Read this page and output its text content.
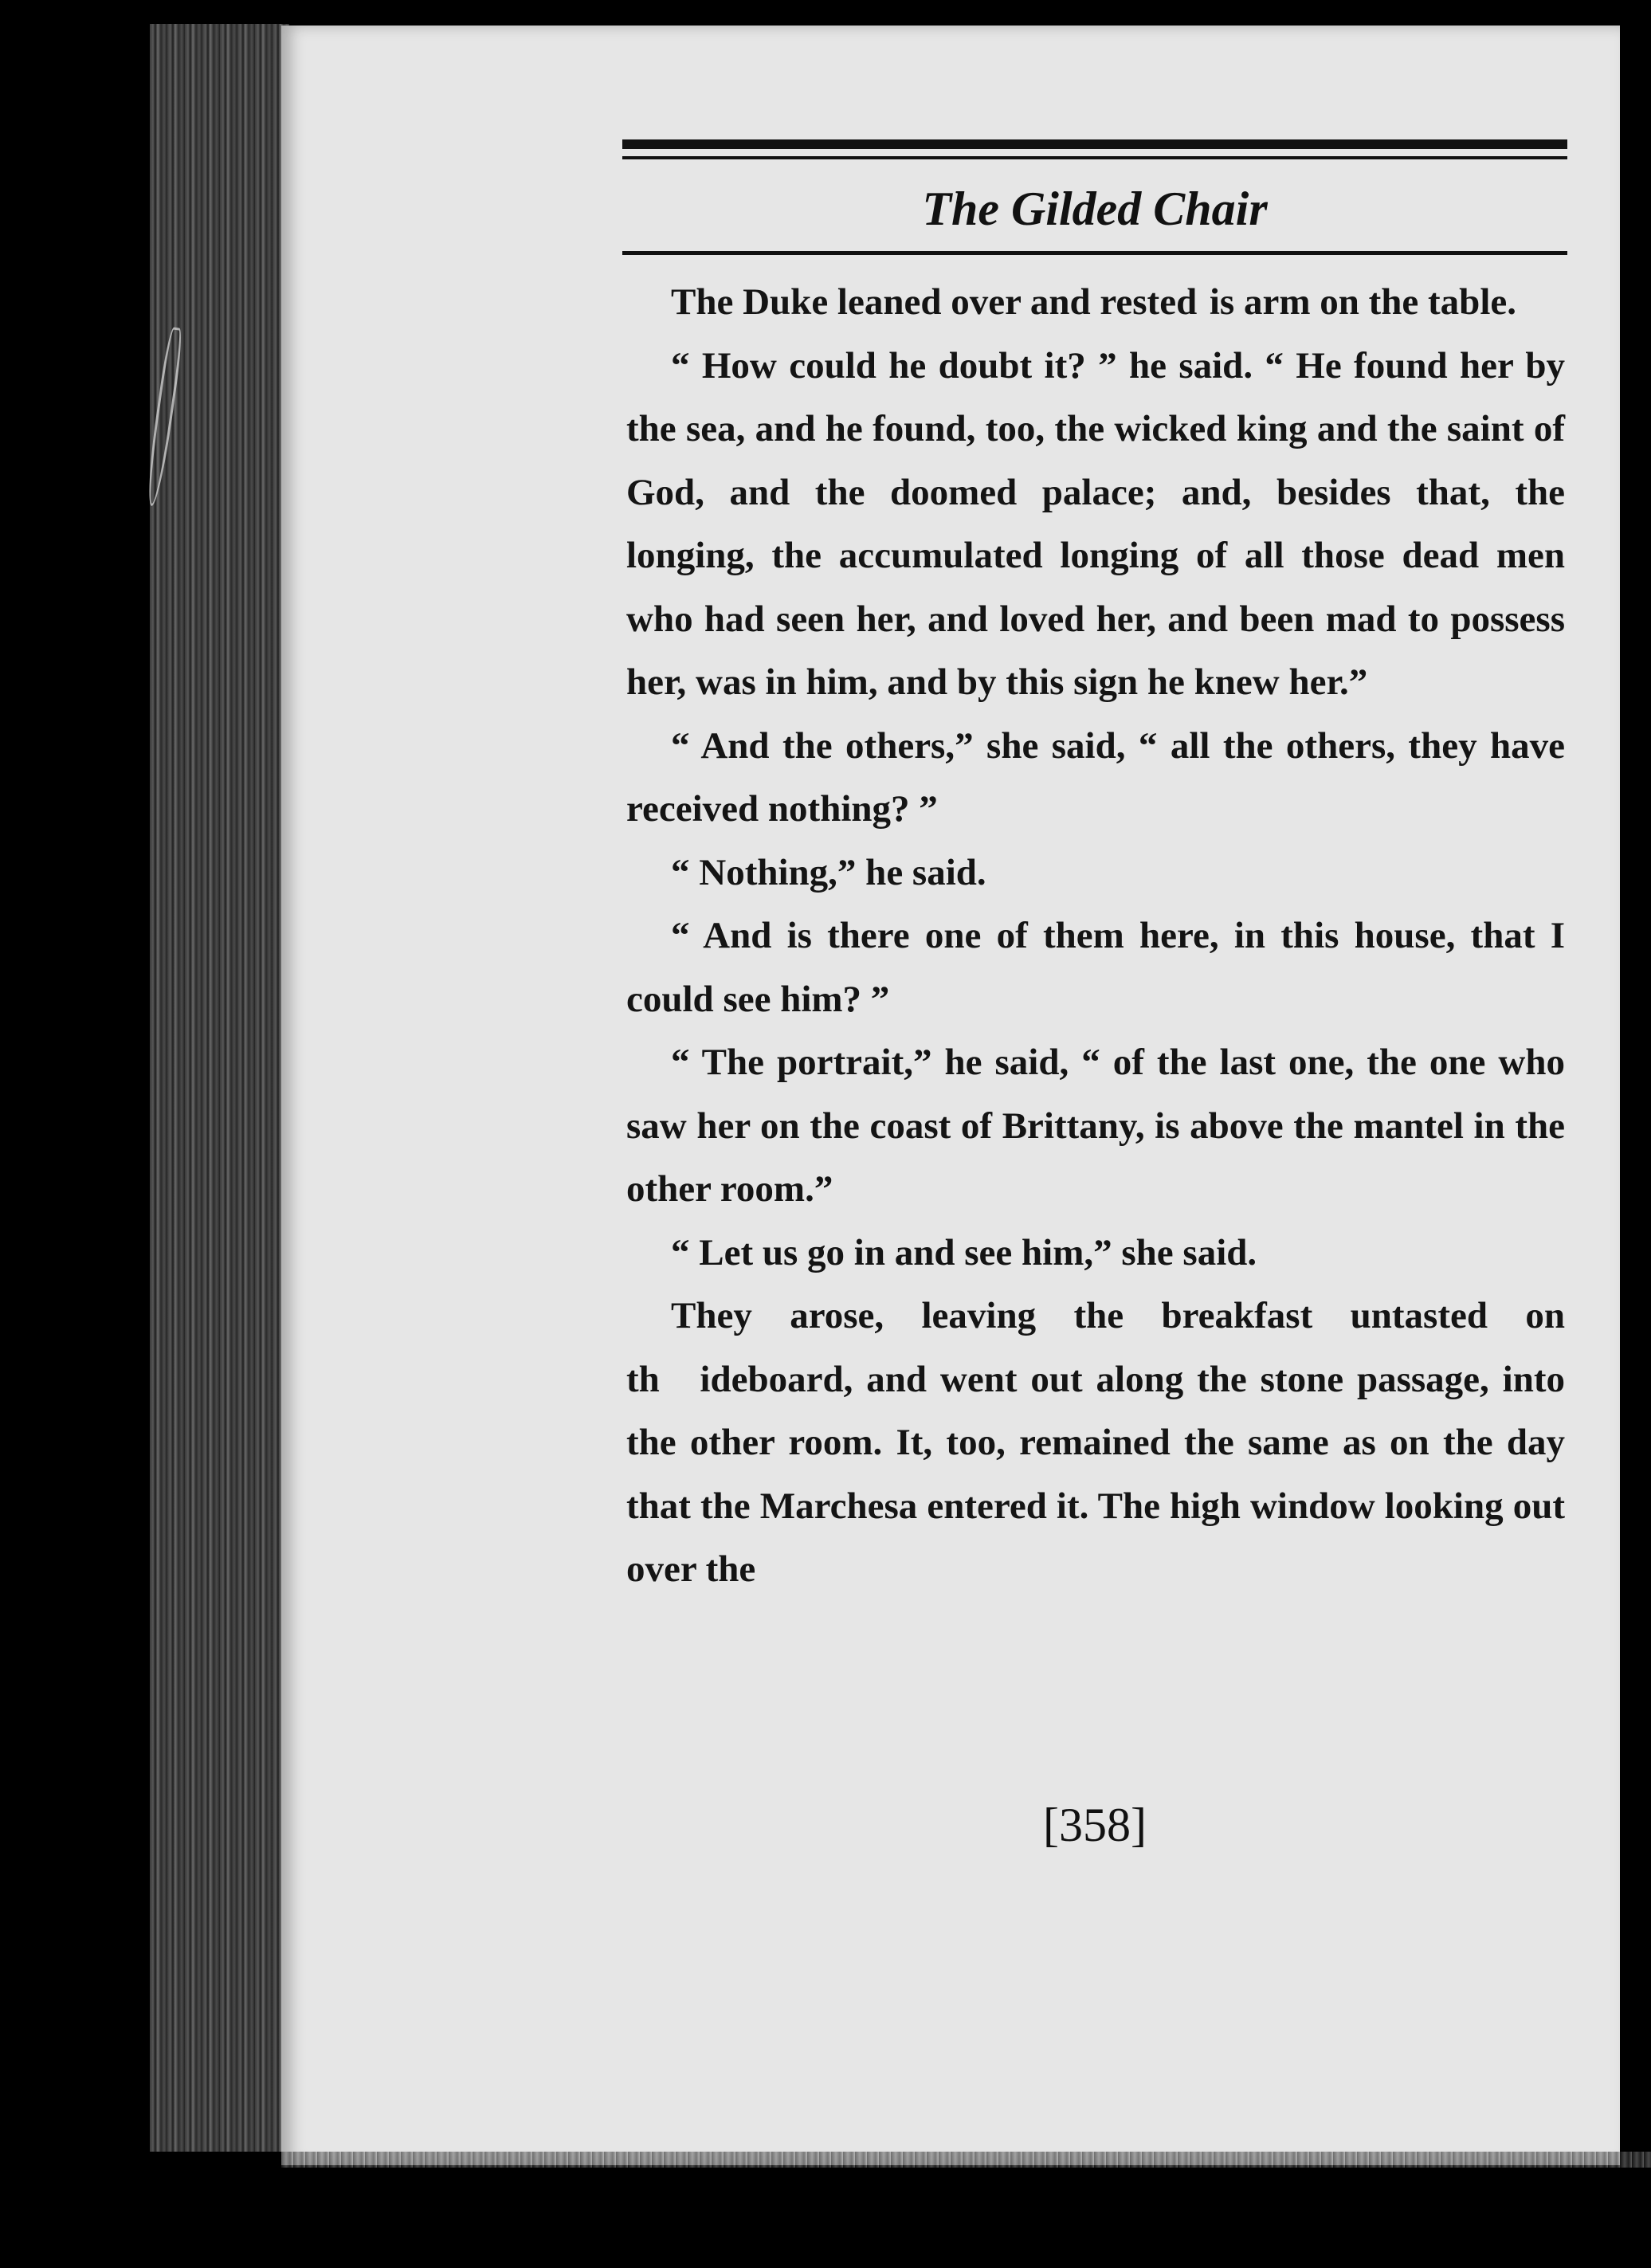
The Gilded Chair

The Duke leaned over and rested  is arm on the table.

“ How could he doubt it? ” he said. “ He found her by the sea, and he found, too, the wicked king and the saint of God, and the doomed palace; and, besides that, the longing, the accumulated longing of all those dead men who had seen her, and loved her, and been mad to possess her, was in him, and by this sign he knew her.”

“ And the others,” she said, “ all the others, they have received nothing? ”

“ Nothing,” he said.

“ And is there one of them here, in this house, that I could see him? ”

“ The portrait,” he said, “ of the last one, the one who saw her on the coast of Brittany, is above the mantel in the other room.”

“ Let us go in and see him,” she said.

They arose, leaving the breakfast untasted on th   ideboard, and went out along the stone passage, into the other room. It, too, remained the same as on the day that the Marchesa entered it. The high window looking out over the

[358]
